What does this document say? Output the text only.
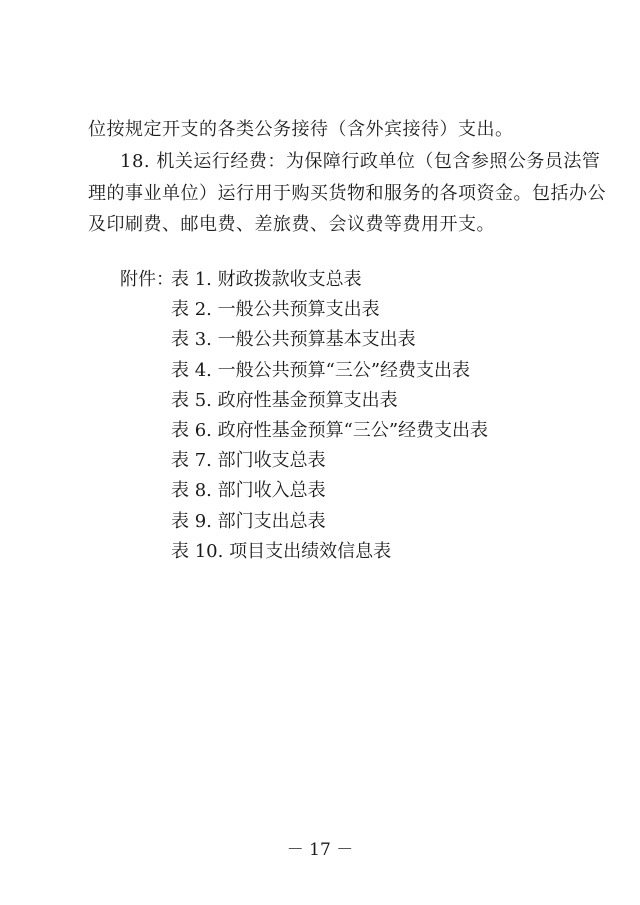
位按规定开支的各类公务接待（含外宾接待）支出。
18. 机关运行经费：为保障行政单位（包含参照公务员法管
理的事业单位）运行用于购买货物和服务的各项资金。包括办公
及印刷费、邮电费、差旅费、会议费等费用开支。
附件：
表 1. 财政拨款收支总表
表 2. 一般公共预算支出表
表 3. 一般公共预算基本支出表
表 4. 一般公共预算“三公”经费支出表
表 5. 政府性基金预算支出表
表 6. 政府性基金预算“三公”经费支出表
表 7. 部门收支总表
表 8. 部门收入总表
表 9. 部门支出总表
表 10. 项目支出绩效信息表
－ 17 －
